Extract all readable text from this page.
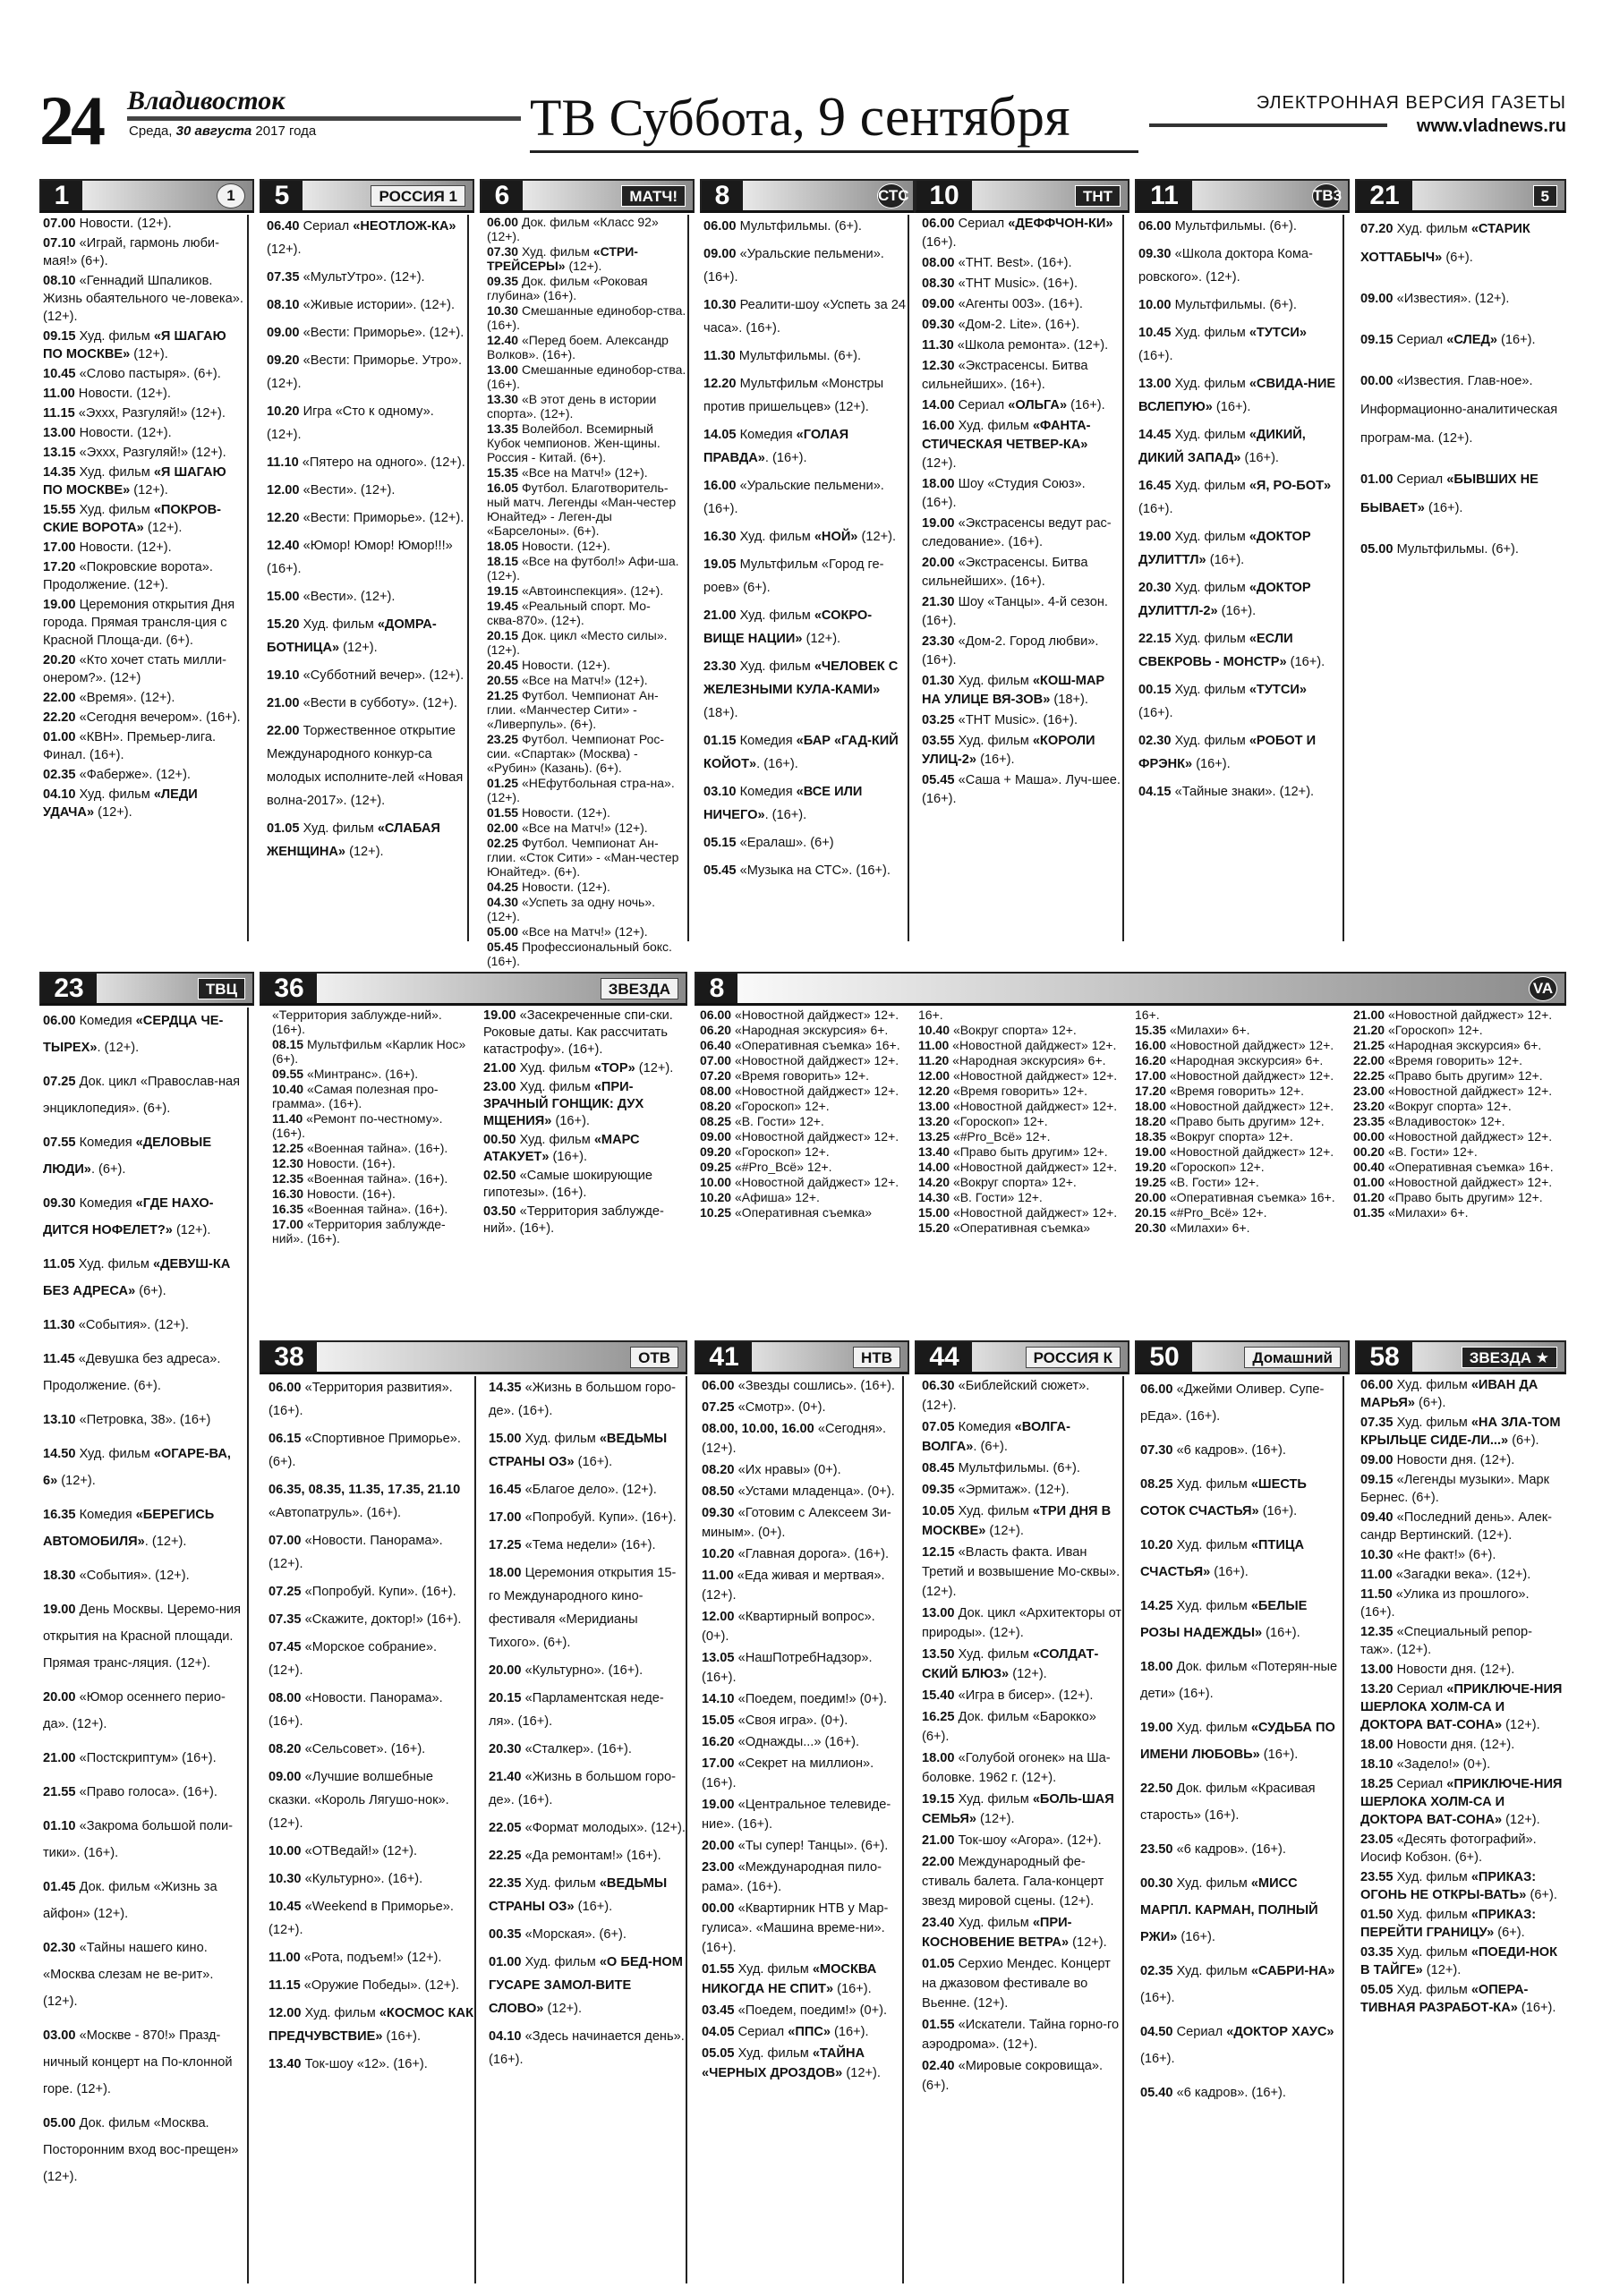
24 Владивосток
Среда, 30 августа 2017 года	ТВ Суббота, 9 сентября	ЭЛЕКТРОННАЯ ВЕРСИЯ ГАЗЕТЫ
www.vladnews.ru
1	1
07.00 Новости. (12+).
07.10 «Играй, гармонь люби-мая!» (6+).
08.10 «Геннадий Шпаликов. Жизнь обаятельного че-ловека». (12+).
09.15 Худ. фильм «Я ШАГАЮ ПО МОСКВЕ» (12+).
10.45 «Слово пастыря». (6+).
11.00 Новости. (12+).
11.15 «Эххх, Разгуляй!» (12+).
13.00 Новости. (12+).
13.15 «Эххх, Разгуляй!» (12+).
14.35 Худ. фильм «Я ШАГАЮ ПО МОСКВЕ» (12+).
15.55 Худ. фильм «ПОКРОВ-СКИЕ ВОРОТА» (12+).
17.00 Новости. (12+).
17.20 «Покровские ворота». Продолжение. (12+).
19.00 Церемония открытия Дня города. Прямая трансля-ция с Красной Площа-ди. (6+).
20.20 «Кто хочет стать милли-онером?». (12+)
22.00 «Время». (12+).
22.20 «Сегодня вечером». (16+).
01.00 «КВН». Премьер-лига. Финал. (16+).
02.35 «Фаберже». (12+).
04.10 Худ. фильм «ЛЕДИ УДАЧА» (12+).
5	РОССИЯ 1
06.40 Сериал «НЕОТЛОЖ-КА» (12+).
07.35 «МультУтро». (12+).
08.10 «Живые истории». (12+).
09.00 «Вести: Приморье». (12+).
09.20 «Вести: Приморье. Утро». (12+).
10.20 Игра «Сто к одному». (12+).
11.10 «Пятеро на одного». (12+).
12.00 «Вести». (12+).
12.20 «Вести: Приморье». (12+).
12.40 «Юмор! Юмор! Юмор!!!» (16+).
15.00 «Вести». (12+).
15.20 Худ. фильм «ДОМРА-БОТНИЦА» (12+).
19.10 «Субботний вечер». (12+).
21.00 «Вести в субботу». (12+).
22.00 Торжественное открытие Международного конкур-са молодых исполните-лей «Новая волна-2017». (12+).
01.05 Худ. фильм «СЛАБАЯ ЖЕНЩИНА» (12+).
6	МАТЧ!
06.00 Док. фильм «Класс 92» (12+).
07.30 Худ. фильм «СТРИ-ТРЕЙСЕРЫ» (12+).
09.35 Док. фильм «Роковая глубина» (16+).
10.30 Смешанные единобор-ства. (16+).
12.40 «Перед боем. Александр Волков». (16+).
13.00 Смешанные единобор-ства. (16+).
13.30 «В этот день в истории спорта». (12+).
13.35 Волейбол. Всемирный Кубок чемпионов. Жен-щины. Россия - Китай. (6+).
15.35 «Все на Матч!» (12+).
16.05 Футбол. Благотворитель-ный матч. Легенды «Ман-честер Юнайтед» - Леген-ды «Барселоны». (6+).
18.05 Новости. (12+).
18.15 «Все на футбол!» Афи-ша. (12+).
19.15 «Автоинспекция». (12+).
19.45 «Реальный спорт. Мо-сква-870». (12+).
20.15 Док. цикл «Место силы». (12+).
20.45 Новости. (12+).
20.55 «Все на Матч!» (12+).
21.25 Футбол. Чемпионат Ан-глии. «Манчестер Сити» - «Ливерпуль». (6+).
23.25 Футбол. Чемпионат Рос-сии. «Спартак» (Москва) - «Рубин» (Казань). (6+).
01.25 «НЕфутбольная стра-на». (12+).
01.55 Новости. (12+).
02.00 «Все на Матч!» (12+).
02.25 Футбол. Чемпионат Ан-глии. «Сток Сити» - «Ман-честер Юнайтед». (6+).
04.25 Новости. (12+).
04.30 «Успеть за одну ночь». (12+).
05.00 «Все на Матч!» (12+).
05.45 Профессиональный бокс. (16+).
8	СТС
06.00 Мультфильмы. (6+).
09.00 «Уральские пельмени». (16+).
10.30 Реалити-шоу «Успеть за 24 часа». (16+).
11.30 Мультфильмы. (6+).
12.20 Мультфильм «Монстры против пришельцев» (12+).
14.05 Комедия «ГОЛАЯ ПРАВДА». (16+).
16.00 «Уральские пельмени». (16+).
16.30 Худ. фильм «НОЙ» (12+).
19.05 Мультфильм «Город ге-роев» (6+).
21.00 Худ. фильм «СОКРО-ВИЩЕ НАЦИИ» (12+).
23.30 Худ. фильм «ЧЕЛОВЕК С ЖЕЛЕЗНЫМИ КУЛА-КАМИ» (18+).
01.15 Комедия «БАР «ГАД-КИЙ КОЙОТ». (16+).
03.10 Комедия «ВСЕ ИЛИ НИЧЕГО». (16+).
05.15 «Ералаш». (6+)
05.45 «Музыка на СТС». (16+).
10	ТНТ
06.00 Сериал «ДЕФФЧОН-КИ» (16+).
08.00 «ТНТ. Best». (16+).
08.30 «ТНТ Music». (16+).
09.00 «Агенты 003». (16+).
09.30 «Дом-2. Lite». (16+).
11.30 «Школа ремонта». (12+).
12.30 «Экстрасенсы. Битва сильнейших». (16+).
14.00 Сериал «ОЛЬГА» (16+).
16.00 Худ. фильм «ФАНТА-СТИЧЕСКАЯ ЧЕТВЕР-КА» (12+).
18.00 Шоу «Студия Союз». (16+).
19.00 «Экстрасенсы ведут рас-следование». (16+).
20.00 «Экстрасенсы. Битва сильнейших». (16+).
21.30 Шоу «Танцы». 4-й сезон. (16+).
23.30 «Дом-2. Город любви». (16+).
01.30 Худ. фильм «КОШ-МАР НА УЛИЦЕ ВЯ-ЗОВ» (18+).
03.25 «ТНТ Music». (16+).
03.55 Худ. фильм «КОРОЛИ УЛИЦ-2» (16+).
05.45 «Саша + Маша». Луч-шее. (16+).
11	ТВ3
06.00 Мультфильмы. (6+).
09.30 «Школа доктора Кома-ровского». (12+).
10.00 Мультфильмы. (6+).
10.45 Худ. фильм «ТУТСИ» (16+).
13.00 Худ. фильм «СВИДА-НИЕ ВСЛЕПУЮ» (16+).
14.45 Худ. фильм «ДИКИЙ, ДИКИЙ ЗАПАД» (16+).
16.45 Худ. фильм «Я, РО-БОТ» (16+).
19.00 Худ. фильм «ДОКТОР ДУЛИТТЛ» (16+).
20.30 Худ. фильм «ДОКТОР ДУЛИТТЛ-2» (16+).
22.15 Худ. фильм «ЕСЛИ СВЕКРОВЬ - МОНСТР» (16+).
00.15 Худ. фильм «ТУТСИ» (16+).
02.30 Худ. фильм «РОБОТ И ФРЭНК» (16+).
04.15 «Тайные знаки». (12+).
21	5
07.20 Худ. фильм «СТАРИК ХОТТАБЫЧ» (6+).
09.00 «Известия». (12+).
09.15 Сериал «СЛЕД» (16+).
00.00 «Известия. Глав-ное». Информационно-аналитическая програм-ма. (12+).
01.00 Сериал «БЫВШИХ НЕ БЫВАЕТ» (16+).
05.00 Мультфильмы. (6+).
23	ТВЦ
06.00 Комедия «СЕРДЦА ЧЕ-ТЫРЕХ». (12+).
07.25 Док. цикл «Православ-ная энциклопедия». (6+).
07.55 Комедия «ДЕЛОВЫЕ ЛЮДИ». (6+).
09.30 Комедия «ГДЕ НАХО-ДИТСЯ НОФЕЛЕТ?» (12+).
11.05 Худ. фильм «ДЕВУШ-КА БЕЗ АДРЕСА» (6+).
11.30 «События». (12+).
11.45 «Девушка без адреса». Продолжение. (6+).
13.10 «Петровка, 38». (16+)
14.50 Худ. фильм «ОГАРЕ-ВА, 6» (12+).
16.35 Комедия «БЕРЕГИСЬ АВТОМОБИЛЯ». (12+).
18.30 «События». (12+).
19.00 День Москвы. Церемо-ния открытия на Красной площади. Прямая транс-ляция. (12+).
20.00 «Юмор осеннего перио-да». (12+).
21.00 «Постскриптум» (16+).
21.55 «Право голоса». (16+).
01.10 «Закрома большой поли-тики». (16+).
01.45 Док. фильм «Жизнь за айфон» (12+).
02.30 «Тайны нашего кино. «Москва слезам не ве-рит». (12+).
03.00 «Москве - 870!» Празд-ничный концерт на По-клонной горе. (12+).
05.00 Док. фильм «Москва. Посторонним вход вос-прещен» (12+).
36	ЗВЕЗДА
«Территория заблужде-ний». (16+).
08.15 Мультфильм «Карлик Нос» (6+).
09.55 «Минтранс». (16+).
10.40 «Самая полезная про-грамма». (16+).
11.40 «Ремонт по-честному». (16+).
12.25 «Военная тайна». (16+).
12.30 Новости. (16+).
12.35 «Военная тайна». (16+).
16.30 Новости. (16+).
16.35 «Военная тайна». (16+).
17.00 «Территория заблужде-ний». (16+).
19.00 «Засекреченные спи-ски. Роковые даты. Как рассчитать катастрофу». (16+).
21.00 Худ. фильм «ТОР» (12+).
23.00 Худ. фильм «ПРИ-ЗРАЧНЫЙ ГОНЩИК: ДУХ МЩЕНИЯ» (16+).
00.50 Худ. фильм «МАРС АТАКУЕТ» (16+).
02.50 «Самые шокирующие гипотезы». (16+).
03.50 «Территория заблужде-ний». (16+).
8	VA
06.00 «Новостной дайджест» 12+.
06.20 «Народная экскурсия» 6+.
06.40 «Оперативная съемка» 16+.
07.00 «Новостной дайджест» 12+.
07.20 «Время говорить» 12+.
08.00 «Новостной дайджест» 12+.
08.20 «Гороскоп» 12+.
08.25 «В. Гости» 12+.
09.00 «Новостной дайджест» 12+.
09.20 «Гороскоп» 12+.
09.25 «#Pro_Всё» 12+.
10.00 «Новостной дайджест» 12+.
10.20 «Афиша» 12+.
10.25 «Оперативная съемка»
16+.
10.40 «Вокруг спорта» 12+.
11.00 «Новостной дайджест» 12+.
11.20 «Народная экскурсия» 6+.
12.00 «Новостной дайджест» 12+.
12.20 «Время говорить» 12+.
13.00 «Новостной дайджест» 12+.
13.20 «Гороскоп» 12+.
13.25 «#Pro_Всё» 12+.
13.40 «Право быть другим» 12+.
14.00 «Новостной дайджест» 12+.
14.20 «Вокруг спорта» 12+.
14.30 «В. Гости» 12+.
15.00 «Новостной дайджест» 12+.
15.20 «Оперативная съемка»
16+.
15.35 «Милахи» 6+.
16.00 «Новостной дайджест» 12+.
16.20 «Народная экскурсия» 6+.
17.00 «Новостной дайджест» 12+.
17.20 «Время говорить» 12+.
18.00 «Новостной дайджест» 12+.
18.20 «Право быть другим» 12+.
18.35 «Вокруг спорта» 12+.
19.00 «Новостной дайджест» 12+.
19.20 «Гороскоп» 12+.
19.25 «В. Гости» 12+.
20.00 «Оперативная съемка» 16+.
20.15 «#Pro_Всё» 12+.
20.30 «Милахи» 6+.
21.00 «Новостной дайджест» 12+.
21.20 «Гороскоп» 12+.
21.25 «Народная экскурсия» 6+.
22.00 «Время говорить» 12+.
22.25 «Право быть другим» 12+.
23.00 «Новостной дайджест» 12+.
23.20 «Вокруг спорта» 12+.
23.35 «Владивосток» 12+.
00.00 «Новостной дайджест» 12+.
00.20 «В. Гости» 12+.
00.40 «Оперативная съемка» 16+.
01.00 «Новостной дайджест» 12+.
01.20 «Право быть другим» 12+.
01.35 «Милахи» 6+.
38	ОТВ
06.00 «Территория развития». (16+).
06.15 «Спортивное Приморье». (6+).
06.35, 08.35, 11.35, 17.35, 21.10 «Автопатруль». (16+).
07.00 «Новости. Панорама». (12+).
07.25 «Попробуй. Купи». (16+).
07.35 «Скажите, доктор!» (16+).
07.45 «Морское собрание». (12+).
08.00 «Новости. Панорама». (16+).
08.20 «Сельсовет». (16+).
09.00 «Лучшие волшебные сказки. «Король Лягушо-нок». (12+).
10.00 «ОТВедай!» (12+).
10.30 «Культурно». (16+).
10.45 «Weekend в Приморье». (12+).
11.00 «Рота, подъем!» (12+).
11.15 «Оружие Победы». (12+).
12.00 Худ. фильм «КОСМОС КАК ПРЕДЧУВСТВИЕ» (16+).
13.40 Ток-шоу «12». (16+).
14.35 «Жизнь в большом горо-де». (16+).
15.00 Худ. фильм «ВЕДЬМЫ СТРАНЫ ОЗ» (16+).
16.45 «Благое дело». (12+).
17.00 «Попробуй. Купи». (16+).
17.25 «Тема недели» (16+).
18.00 Церемония открытия 15-го Международного кино-фестиваля «Меридианы Тихого». (6+).
20.00 «Культурно». (16+).
20.15 «Парламентская неде-ля». (16+).
20.30 «Сталкер». (16+).
21.40 «Жизнь в большом горо-де». (16+).
22.05 «Формат молодых». (12+).
22.25 «Да ремонтам!» (16+).
22.35 Худ. фильм «ВЕДЬМЫ СТРАНЫ ОЗ» (16+).
00.35 «Морская». (6+).
01.00 Худ. фильм «О БЕД-НОМ ГУСАРЕ ЗАМОЛ-ВИТЕ СЛОВО» (12+).
04.10 «Здесь начинается день». (16+).
41	НТВ
06.00 «Звезды сошлись». (16+).
07.25 «Смотр». (0+).
08.00, 10.00, 16.00 «Сегодня». (12+).
08.20 «Их нравы» (0+).
08.50 «Устами младенца». (0+).
09.30 «Готовим с Алексеем Зи-миным». (0+).
10.20 «Главная дорога». (16+).
11.00 «Еда живая и мертвая». (12+).
12.00 «Квартирный вопрос». (0+).
13.05 «НашПотребНадзор». (16+).
14.10 «Поедем, поедим!» (0+).
15.05 «Своя игра». (0+).
16.20 «Однажды...» (16+).
17.00 «Секрет на миллион». (16+).
19.00 «Центральное телевиде-ние». (16+).
20.00 «Ты супер! Танцы». (6+).
23.00 «Международная пило-рама». (16+).
00.00 «Квартирник НТВ у Мар-гулиса». «Машина време-ни». (16+).
01.55 Худ. фильм «МОСКВА НИКОГДА НЕ СПИТ» (16+).
03.45 «Поедем, поедим!» (0+).
04.05 Сериал «ППС» (16+).
05.05 Худ. фильм «ТАЙНА «ЧЕРНЫХ ДРОЗДОВ» (12+).
44	РОССИЯ К
06.30 «Библейский сюжет». (12+).
07.05 Комедия «ВОЛГА-ВОЛГА». (6+).
08.45 Мультфильмы. (6+).
09.35 «Эрмитаж». (12+).
10.05 Худ. фильм «ТРИ ДНЯ В МОСКВЕ» (12+).
12.15 «Власть факта. Иван Третий и возвышение Мо-сквы». (12+).
13.00 Док. цикл «Архитекторы от природы». (12+).
13.50 Худ. фильм «СОЛДАТ-СКИЙ БЛЮЗ» (12+).
15.40 «Игра в бисер». (12+).
16.25 Док. фильм «Барокко» (6+).
18.00 «Голубой огонек» на Ша-боловке. 1962 г. (12+).
19.15 Худ. фильм «БОЛЬ-ШАЯ СЕМЬЯ» (12+).
21.00 Ток-шоу «Агора». (12+).
22.00 Международный фе-стиваль балета. Гала-концерт звезд мировой сцены. (12+).
23.40 Худ. фильм «ПРИ-КОСНОВЕНИЕ ВЕТРА» (12+).
01.05 Серхио Мендес. Концерт на джазовом фестивале во Вьенне. (12+).
01.55 «Искатели. Тайна горно-го аэродрома». (12+).
02.40 «Мировые сокровища». (6+).
50	Домашний
06.00 «Джейми Оливер. Супе-рЕда». (16+).
07.30 «6 кадров». (16+).
08.25 Худ. фильм «ШЕСТЬ СОТОК СЧАСТЬЯ» (16+).
10.20 Худ. фильм «ПТИЦА СЧАСТЬЯ» (16+).
14.25 Худ. фильм «БЕЛЫЕ РОЗЫ НАДЕЖДЫ» (16+).
18.00 Док. фильм «Потерян-ные дети» (16+).
19.00 Худ. фильм «СУДЬБА ПО ИМЕНИ ЛЮБОВЬ» (16+).
22.50 Док. фильм «Красивая старость» (16+).
23.50 «6 кадров». (16+).
00.30 Худ. фильм «МИСС МАРПЛ. КАРМАН, ПОЛНЫЙ РЖИ» (16+).
02.35 Худ. фильм «САБРИ-НА» (16+).
04.50 Сериал «ДОКТОР ХАУС» (16+).
05.40 «6 кадров». (16+).
58	ЗВЕЗДА ★
06.00 Худ. фильм «ИВАН ДА МАРЬЯ» (6+).
07.35 Худ. фильм «НА ЗЛА-ТОМ КРЫЛЬЦЕ СИДЕ-ЛИ...» (6+).
09.00 Новости дня. (12+).
09.15 «Легенды музыки». Марк Бернес. (6+).
09.40 «Последний день». Алек-сандр Вертинский. (12+).
10.30 «Не факт!» (6+).
11.00 «Загадки века». (12+).
11.50 «Улика из прошлого». (16+).
12.35 «Специальный репор-таж». (12+).
13.00 Новости дня. (12+).
13.20 Сериал «ПРИКЛЮЧЕ-НИЯ ШЕРЛОКА ХОЛМ-СА И ДОКТОРА ВАТ-СОНА» (12+).
18.00 Новости дня. (12+).
18.10 «Задело!» (0+).
18.25 Сериал «ПРИКЛЮЧЕ-НИЯ ШЕРЛОКА ХОЛМ-СА И ДОКТОРА ВАТ-СОНА» (12+).
23.05 «Десять фотографий». Иосиф Кобзон. (6+).
23.55 Худ. фильм «ПРИКАЗ: ОГОНЬ НЕ ОТКРЫ-ВАТЬ» (6+).
01.50 Худ. фильм «ПРИКАЗ: ПЕРЕЙТИ ГРАНИЦУ» (6+).
03.35 Худ. фильм «ПОЕДИ-НОК В ТАЙГЕ» (12+).
05.05 Худ. фильм «ОПЕРА-ТИВНАЯ РАЗРАБОТ-КА» (16+).
